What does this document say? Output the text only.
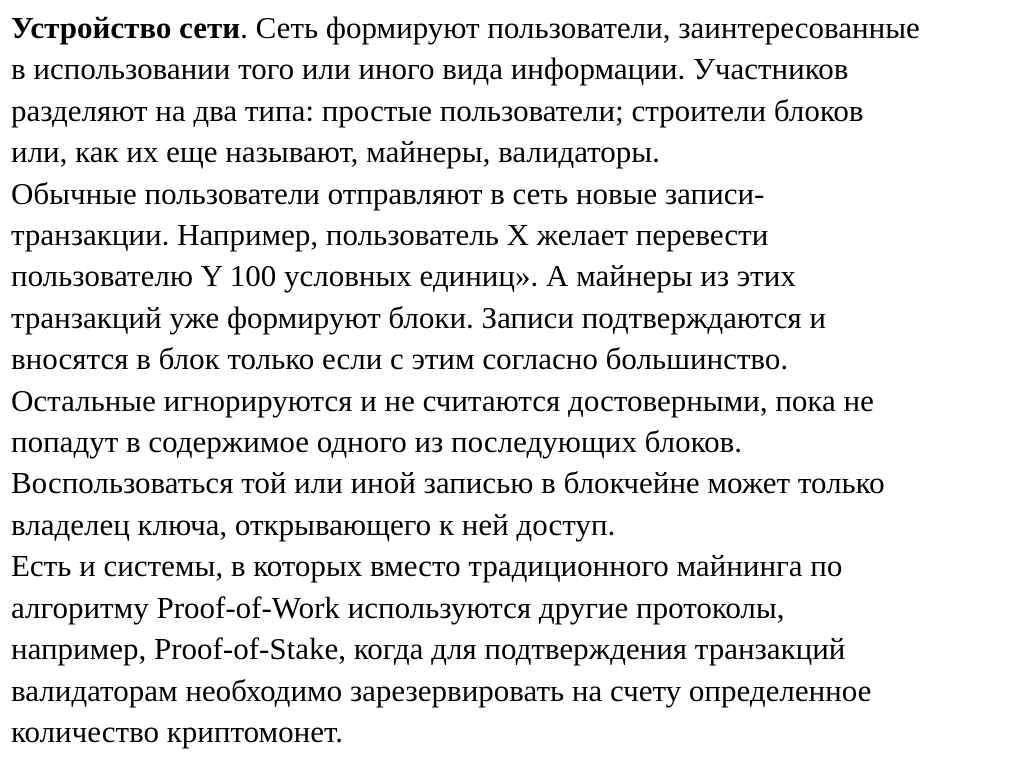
Устройство сети. Сеть формируют пользователи, заинтересованные
в использовании того или иного вида информации. Участников
разделяют на два типа: простые пользователи; строители блоков
или, как их еще называют, майнеры, валидаторы.
Обычные пользователи отправляют в сеть новые записи-
транзакции. Например, пользователь X желает перевести
пользователю Y 100 условных единиц». А майнеры из этих
транзакций уже формируют блоки. Записи подтверждаются и
вносятся в блок только если с этим согласно большинство.
Остальные игнорируются и не считаются достоверными, пока не
попадут в содержимое одного из последующих блоков.
Воспользоваться той или иной записью в блокчейне может только
владелец ключа, открывающего к ней доступ.
Есть и системы, в которых вместо традиционного майнинга по
алгоритму Proof-of-Work используются другие протоколы,
например, Proof-of-Stake, когда для подтверждения транзакций
валидаторам необходимо зарезервировать на счету определенное
количество криптомонет.
